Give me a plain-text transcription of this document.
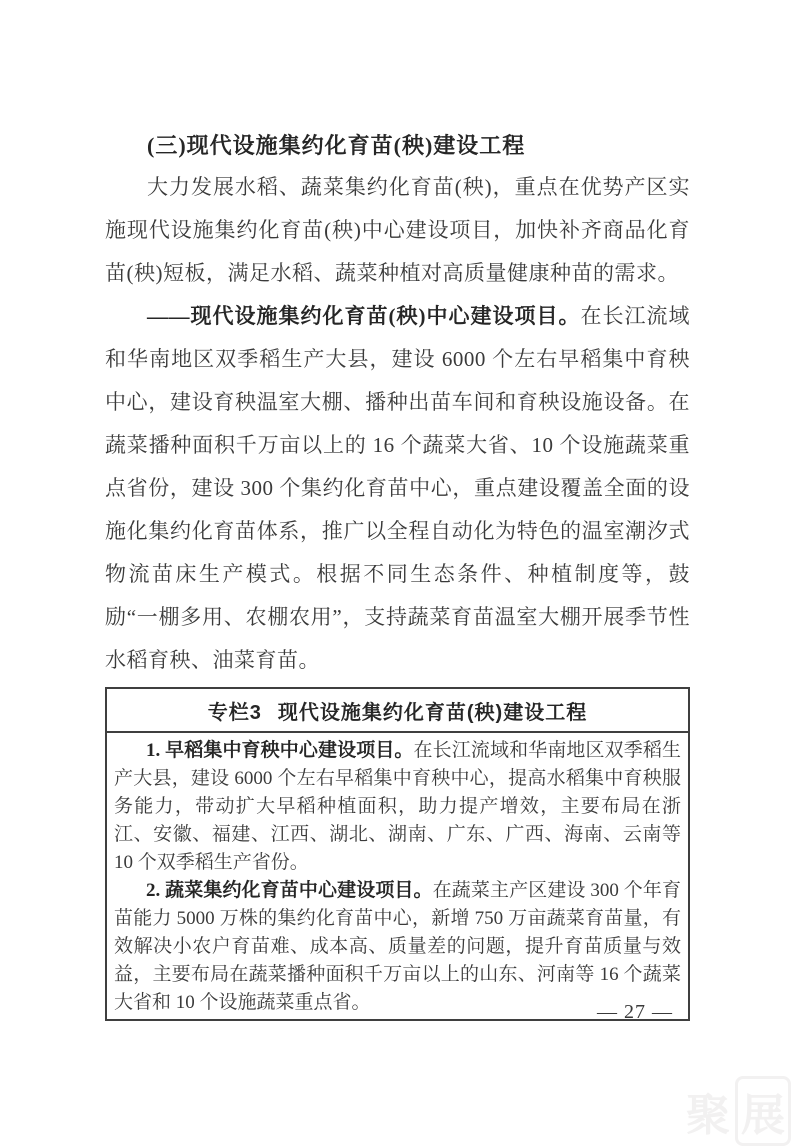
(三)现代设施集约化育苗(秧)建设工程

大力发展水稻、蔬菜集约化育苗(秧)，重点在优势产区实施现代设施集约化育苗(秧)中心建设项目，加快补齐商品化育苗(秧)短板，满足水稻、蔬菜种植对高质量健康种苗的需求。

——现代设施集约化育苗(秧)中心建设项目。在长江流域和华南地区双季稻生产大县，建设 6000 个左右早稻集中育秧中心，建设育秧温室大棚、播种出苗车间和育秧设施设备。在蔬菜播种面积千万亩以上的 16 个蔬菜大省、10 个设施蔬菜重点省份，建设 300 个集约化育苗中心，重点建设覆盖全面的设施化集约化育苗体系，推广以全程自动化为特色的温室潮汐式物流苗床生产模式。根据不同生态条件、种植制度等，鼓励“一棚多用、农棚农用”，支持蔬菜育苗温室大棚开展季节性水稻育秧、油菜育苗。

专栏3 现代设施集约化育苗(秧)建设工程

1. 早稻集中育秧中心建设项目。在长江流域和华南地区双季稻生产大县，建设 6000 个左右早稻集中育秧中心，提高水稻集中育秧服务能力，带动扩大早稻种植面积，助力提产增效，主要布局在浙江、安徽、福建、江西、湖北、湖南、广东、广西、海南、云南等 10 个双季稻生产省份。

2. 蔬菜集约化育苗中心建设项目。在蔬菜主产区建设 300 个年育苗能力 5000 万株的集约化育苗中心，新增 750 万亩蔬菜育苗量，有效解决小农户育苗难、成本高、质量差的问题，提升育苗质量与效益，主要布局在蔬菜播种面积千万亩以上的山东、河南等 16 个蔬菜大省和 10 个设施蔬菜重点省。	— 27 —
聚 展
